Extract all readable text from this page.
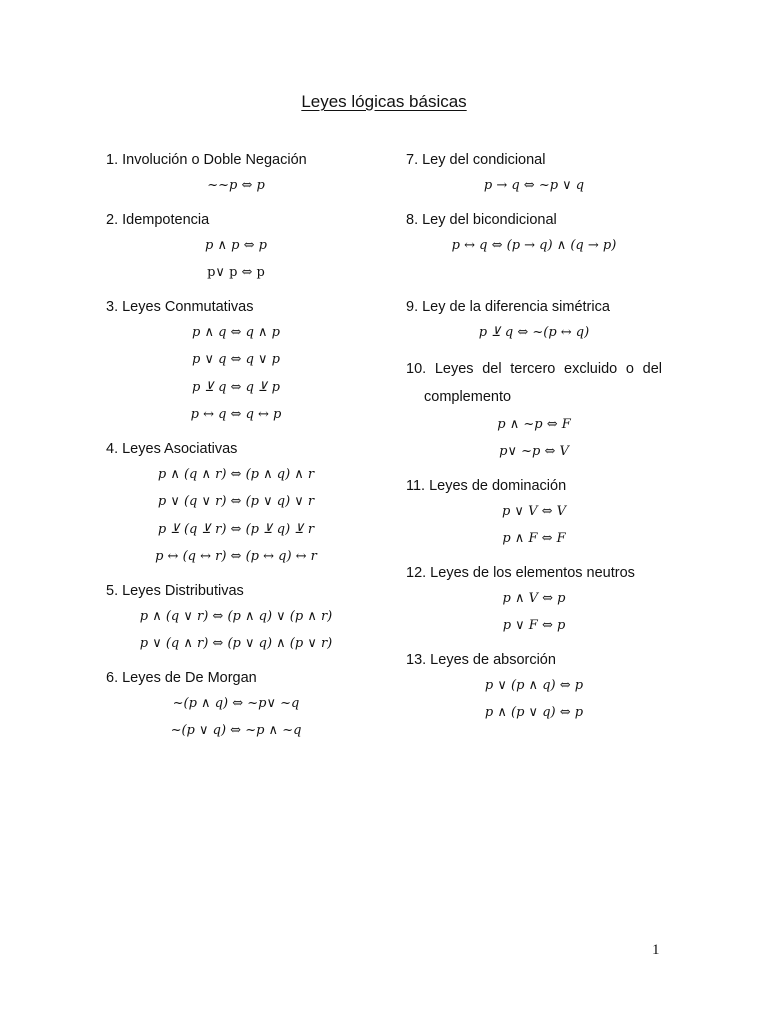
Leyes lógicas básicas

1. Involución o Doble Negación

~~p ⇔ p

2. Idempotencia

p ∧ p ⇔ p

p∨ p ⇔ p

3. Leyes Conmutativas

p ∧ q ⇔ q ∧ p

p ∨ q ⇔ q ∨ p

p ⊻ q ⇔ q ⊻ p

p ↔ q ⇔ q ↔ p

4. Leyes Asociativas

p ∧ (q ∧ r) ⇔ (p ∧ q) ∧ r

p ∨ (q ∨ r) ⇔ (p ∨ q) ∨ r

p ⊻ (q ⊻ r) ⇔ (p ⊻ q) ⊻ r

p ↔ (q ↔ r) ⇔ (p ↔ q) ↔ r

5. Leyes Distributivas

p ∧ (q ∨ r) ⇔ (p ∧ q) ∨ (p ∧ r)

p ∨ (q ∧ r) ⇔ (p ∨ q) ∧ (p ∨ r)

6. Leyes de De Morgan

~(p ∧ q) ⇔ ~p∨ ~q

~(p ∨ q) ⇔ ~p ∧ ~q

7. Ley del condicional

p → q ⇔ ~p ∨ q

8. Ley del bicondicional

p ↔ q ⇔ (p → q) ∧ (q → p)

9. Ley de la diferencia simétrica

p ⊻ q ⇔ ~(p ↔ q)

10. Leyes del tercero excluido o del complemento

p ∧ ~p ⇔ F

p∨ ~p ⇔ V

11. Leyes de dominación

p ∨ V ⇔ V

p ∧ F ⇔ F

12. Leyes de los elementos neutros

p ∧ V ⇔ p

p ∨ F ⇔ p

13. Leyes de absorción

p ∨ (p ∧ q) ⇔ p

p ∧ (p ∨ q) ⇔ p

1
